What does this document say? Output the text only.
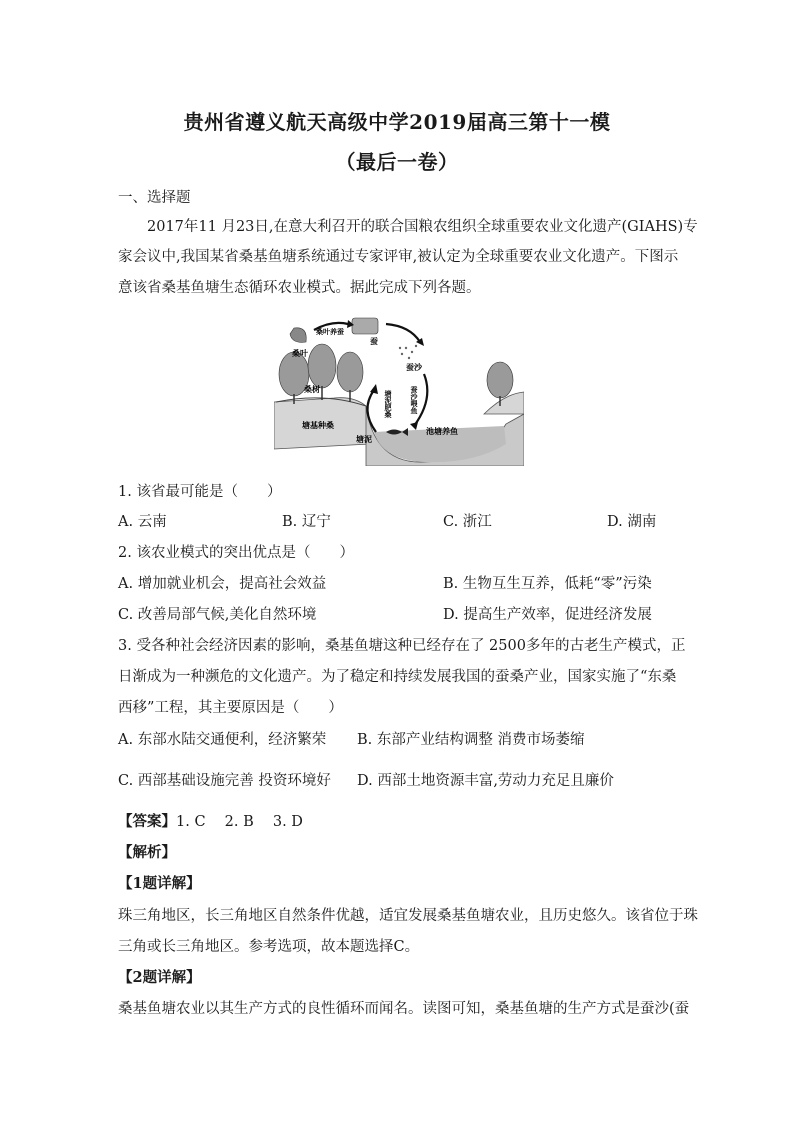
贵州省遵义航天高级中学2019届高三第十一模
（最后一卷）
一、选择题
2017年11 月23日,在意大利召开的联合国粮农组织全球重要农业文化遗产(GIAHS)专
家会议中,我国某省桑基鱼塘系统通过专家评审,被认定为全球重要农业文化遗产。下图示
意该省桑基鱼塘生态循环农业模式。据此完成下列各题。
桑叶
桑叶养蚕
蚕
蚕沙
蚕沙喂鱼
桑树
塘泥肥桑
塘基种桑
塘泥
池塘养鱼
1. 该省最可能是（　　）
A. 云南	B. 辽宁	C. 浙江	D. 湖南
2. 该农业模式的突出优点是（　　）
A. 增加就业机会，提高社会效益	B. 生物互生互养，低耗“零”污染
C. 改善局部气候,美化自然环境	D. 提高生产效率，促进经济发展
3. 受各种社会经济因素的影响，桑基鱼塘这种已经存在了 2500多年的古老生产模式，正
日渐成为一种濒危的文化遗产。为了稳定和持续发展我国的蚕桑产业，国家实施了“东桑
西移”工程，其主要原因是（　　）
A. 东部水陆交通便利，经济繁荣 B. 东部产业结构调整 消费市场萎缩
C. 西部基础设施完善 投资环境好 D. 西部土地资源丰富,劳动力充足且廉价
【答案】1. C　 2. B　 3. D
【解析】
【1题详解】
珠三角地区，长三角地区自然条件优越，适宜发展桑基鱼塘农业，且历史悠久。该省位于珠
三角或长三角地区。参考选项，故本题选择C。
【2题详解】
桑基鱼塘农业以其生产方式的良性循环而闻名。读图可知，桑基鱼塘的生产方式是蚕沙(蚕
